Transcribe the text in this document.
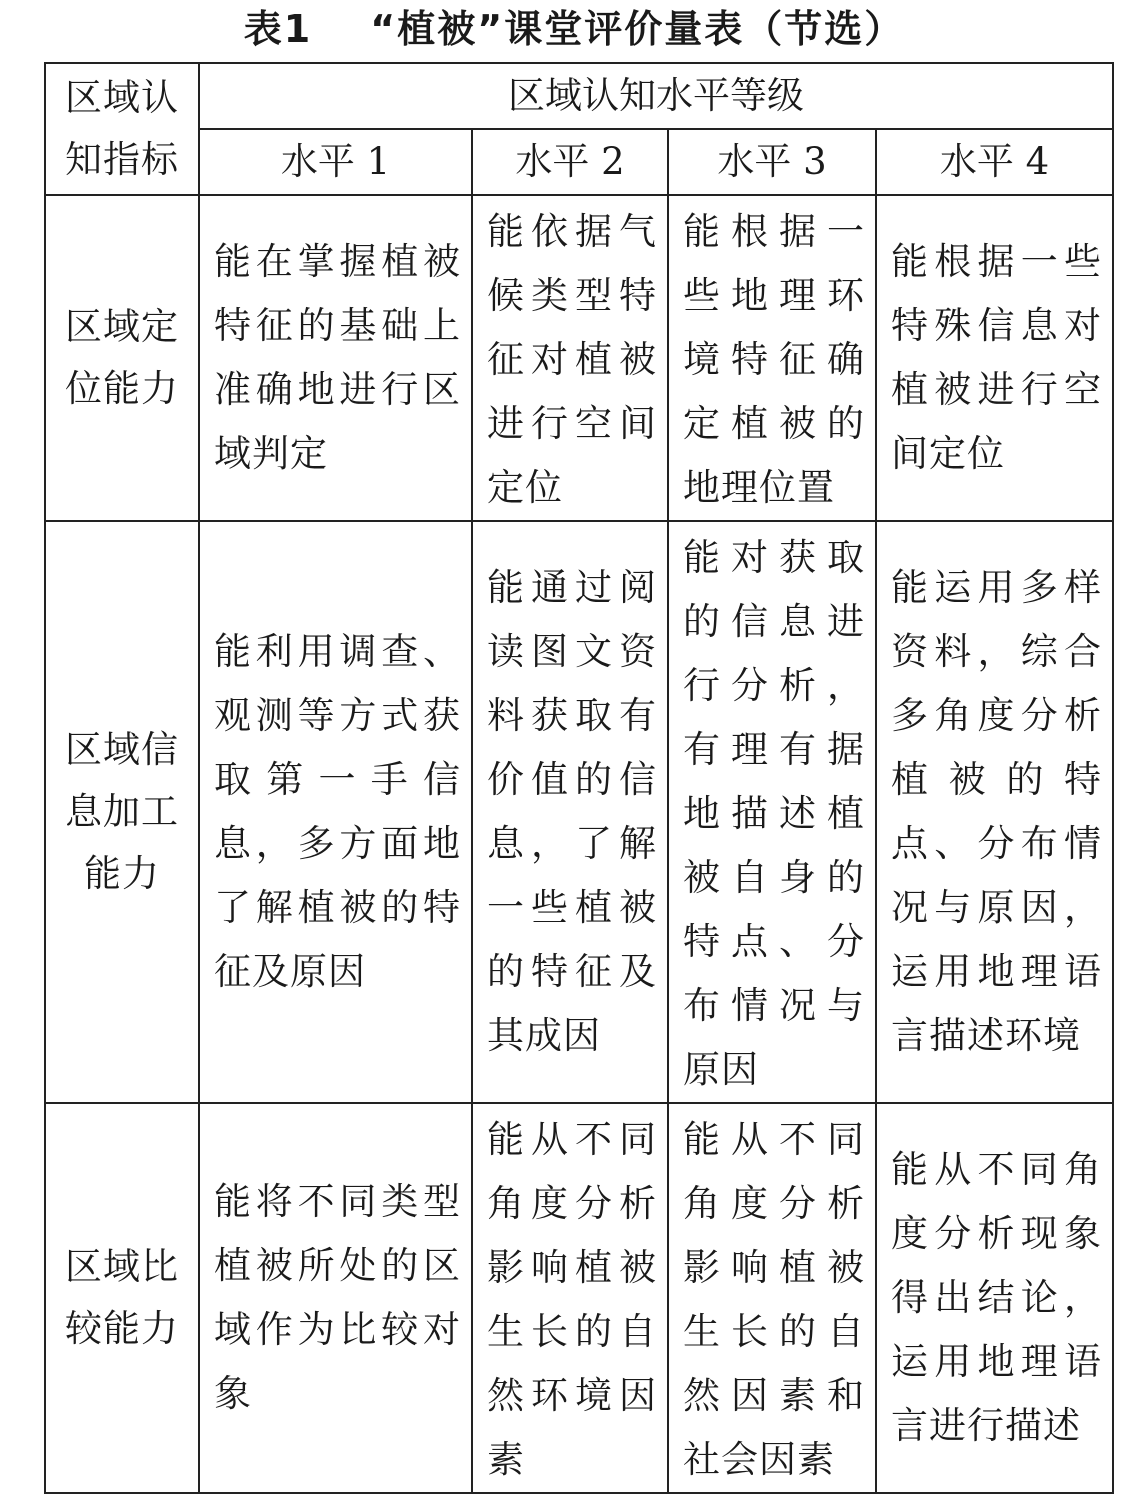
表1 “植被”课堂评价量表（节选）
区域认知指标	区域认知水平等级			
	水平 1	水平 2	水平 3	水平 4
区域定位能力	能在掌握植被特征的基础上准确地进行区域判定	能依据气候类型特征对植被进行空间定位	能根据一些地理环境特征确定植被的地理位置	能根据一些特殊信息对植被进行空间定位
区域信息加工能力	能利用调查、观测等方式获取第一手信息，多方面地了解植被的特征及原因	能通过阅读图文资料获取有价值的信息，了解一些植被的特征及其成因	能对获取的信息进行分析，有理有据地描述植被自身的特点、分布情况与原因	能运用多样资料，综合多角度分析植被的特点、分布情况与原因，运用地理语言描述环境
区域比较能力	能将不同类型植被所处的区域作为比较对象	能从不同角度分析影响植被生长的自然环境因素	能从不同角度分析影响植被生长的自然因素和社会因素	能从不同角度分析现象得出结论，运用地理语言进行描述
